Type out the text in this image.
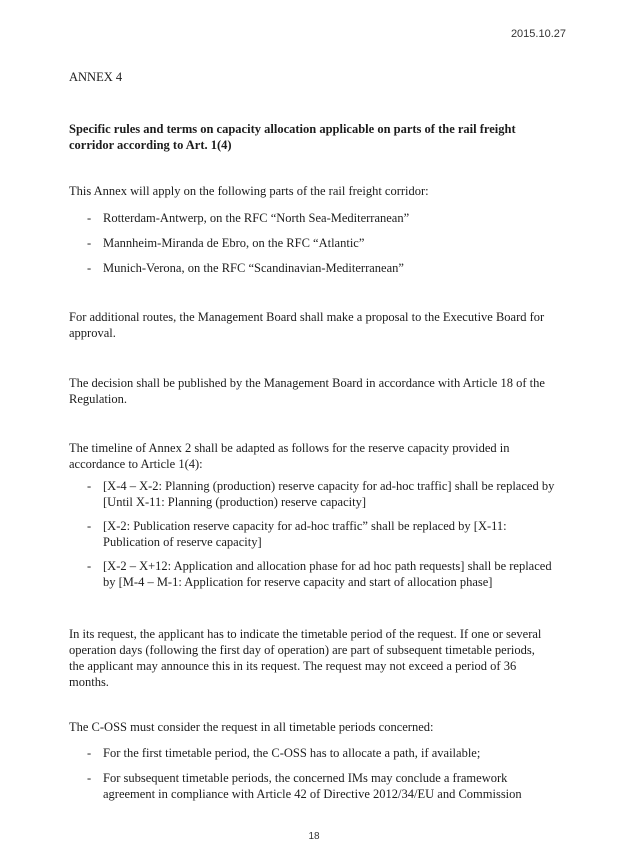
2015.10.27
ANNEX 4
Specific rules and terms on capacity allocation applicable on parts of the rail freight corridor according to Art. 1(4)
This Annex will apply on the following parts of the rail freight corridor:
- Rotterdam-Antwerp, on the RFC “North Sea-Mediterranean”
- Mannheim-Miranda de Ebro, on the RFC “Atlantic”
- Munich-Verona, on the RFC “Scandinavian-Mediterranean”
For additional routes, the Management Board shall make a proposal to the Executive Board for approval.
The decision shall be published by the Management Board in accordance with Article 18 of the Regulation.
The timeline of Annex 2 shall be adapted as follows for the reserve capacity provided in accordance to Article 1(4):
- [X-4 – X-2: Planning (production) reserve capacity for ad-hoc traffic] shall be replaced by [Until X-11: Planning (production) reserve capacity]
- [X-2: Publication reserve capacity for ad-hoc traffic” shall be replaced by [X-11: Publication of reserve capacity]
- [X-2 – X+12: Application and allocation phase for ad hoc path requests] shall be replaced by [M-4 – M-1: Application for reserve capacity and start of allocation phase]
In its request, the applicant has to indicate the timetable period of the request. If one or several operation days (following the first day of operation) are part of subsequent timetable periods, the applicant may announce this in its request. The request may not exceed a period of 36 months.
The C-OSS must consider the request in all timetable periods concerned:
- For the first timetable period, the C-OSS has to allocate a path, if available;
- For subsequent timetable periods, the concerned IMs may conclude a framework agreement in compliance with Article 42 of Directive 2012/34/EU and Commission
18
